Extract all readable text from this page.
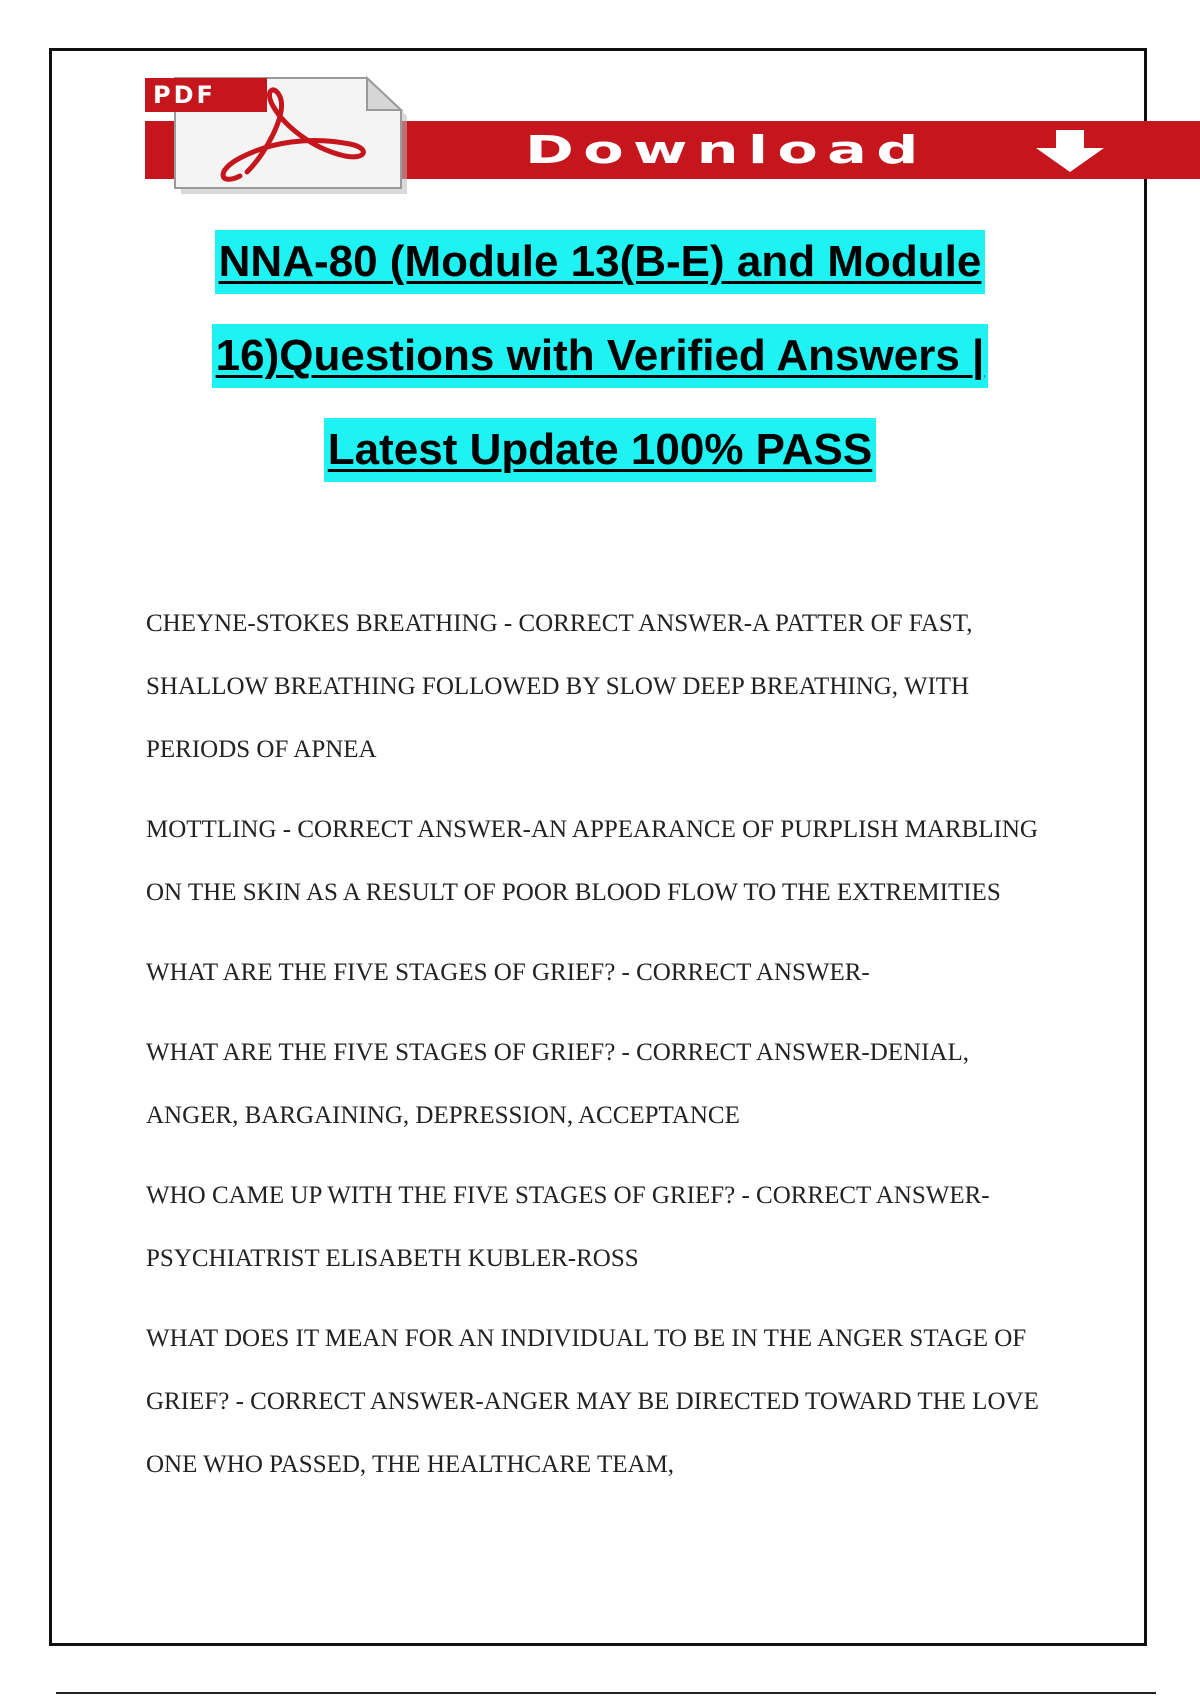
Download
PDF
NNA-80 (Module 13(B-E) and Module
16)Questions with Verified Answers |
Latest Update 100% PASS

CHEYNE-STOKES BREATHING - CORRECT ANSWER-A PATTER OF FAST, SHALLOW BREATHING FOLLOWED BY SLOW DEEP BREATHING, WITH PERIODS OF APNEA

MOTTLING - CORRECT ANSWER-AN APPEARANCE OF PURPLISH MARBLING ON THE SKIN AS A RESULT OF POOR BLOOD FLOW TO THE EXTREMITIES

WHAT ARE THE FIVE STAGES OF GRIEF? - CORRECT ANSWER-

WHAT ARE THE FIVE STAGES OF GRIEF? - CORRECT ANSWER-DENIAL, ANGER, BARGAINING, DEPRESSION, ACCEPTANCE

WHO CAME UP WITH THE FIVE STAGES OF GRIEF? - CORRECT ANSWER-PSYCHIATRIST ELISABETH KUBLER-ROSS

WHAT DOES IT MEAN FOR AN INDIVIDUAL TO BE IN THE ANGER STAGE OF GRIEF? - CORRECT ANSWER-ANGER MAY BE DIRECTED TOWARD THE LOVE ONE WHO PASSED, THE HEALTHCARE TEAM,
